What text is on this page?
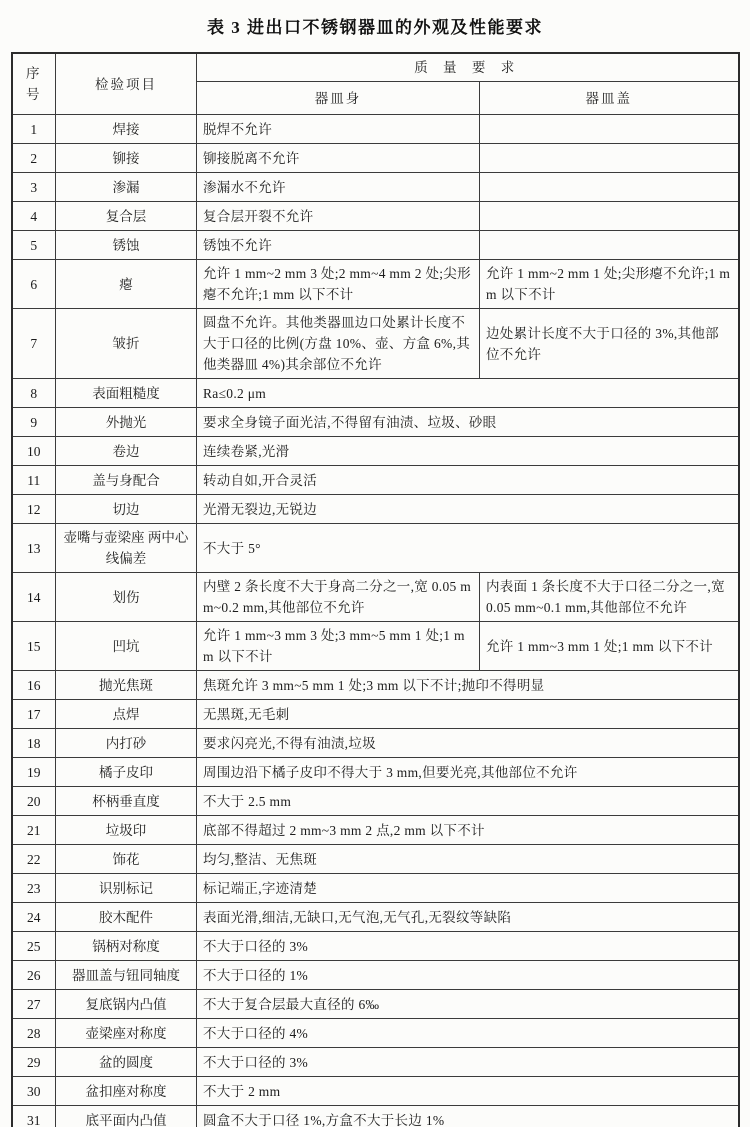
表 3 进出口不锈钢器皿的外观及性能要求
序号	检验项目	质 量 要 求	
		器皿身	器皿盖
1	焊接	脱焊不允许	
2	铆接	铆接脱离不允许	
3	渗漏	渗漏水不允许	
4	复合层	复合层开裂不允许	
5	锈蚀	锈蚀不允许	
6	瘪	允许 1 mm~2 mm 3 处;2 mm~4 mm 2 处;尖形瘪不允许;1 mm 以下不计	允许 1 mm~2 mm 1 处;尖形瘪不允许;1 mm 以下不计
7	皱折	圆盘不允许。其他类器皿边口处累计长度不大于口径的比例(方盘 10%、壶、方盒 6%,其他类器皿 4%)其余部位不允许	边处累计长度不大于口径的 3%,其他部位不允许
8	表面粗糙度	Ra≤0.2 μm	
9	外抛光	要求全身镜子面光洁,不得留有油渍、垃圾、砂眼	
10	卷边	连续卷紧,光滑	
11	盖与身配合	转动自如,开合灵活	
12	切边	光滑无裂边,无锐边	
13	壶嘴与壶梁座 两中心线偏差	不大于 5°	
14	划伤	内壁 2 条长度不大于身高二分之一,宽 0.05 mm~0.2 mm,其他部位不允许	内表面 1 条长度不大于口径二分之一,宽 0.05 mm~0.1 mm,其他部位不允许
15	凹坑	允许 1 mm~3 mm 3 处;3 mm~5 mm 1 处;1 mm 以下不计	允许 1 mm~3 mm 1 处;1 mm 以下不计
16	抛光焦斑	焦斑允许 3 mm~5 mm 1 处;3 mm 以下不计;抛印不得明显	
17	点焊	无黑斑,无毛刺	
18	内打砂	要求闪亮光,不得有油渍,垃圾	
19	橘子皮印	周围边沿下橘子皮印不得大于 3 mm,但要光亮,其他部位不允许	
20	杯柄垂直度	不大于 2.5 mm	
21	垃圾印	底部不得超过 2 mm~3 mm 2 点,2 mm 以下不计	
22	饰花	均匀,整洁、无焦斑	
23	识别标记	标记端正,字迹清楚	
24	胶木配件	表面光滑,细洁,无缺口,无气泡,无气孔,无裂纹等缺陷	
25	锅柄对称度	不大于口径的 3%	
26	器皿盖与钮同轴度	不大于口径的 1%	
27	复底锅内凸值	不大于复合层最大直径的 6‰	
28	壶梁座对称度	不大于口径的 4%	
29	盆的圆度	不大于口径的 3%	
30	盆扣座对称度	不大于 2 mm	
31	底平面内凸值	圆盒不大于口径 1%,方盒不大于长边 1%	
